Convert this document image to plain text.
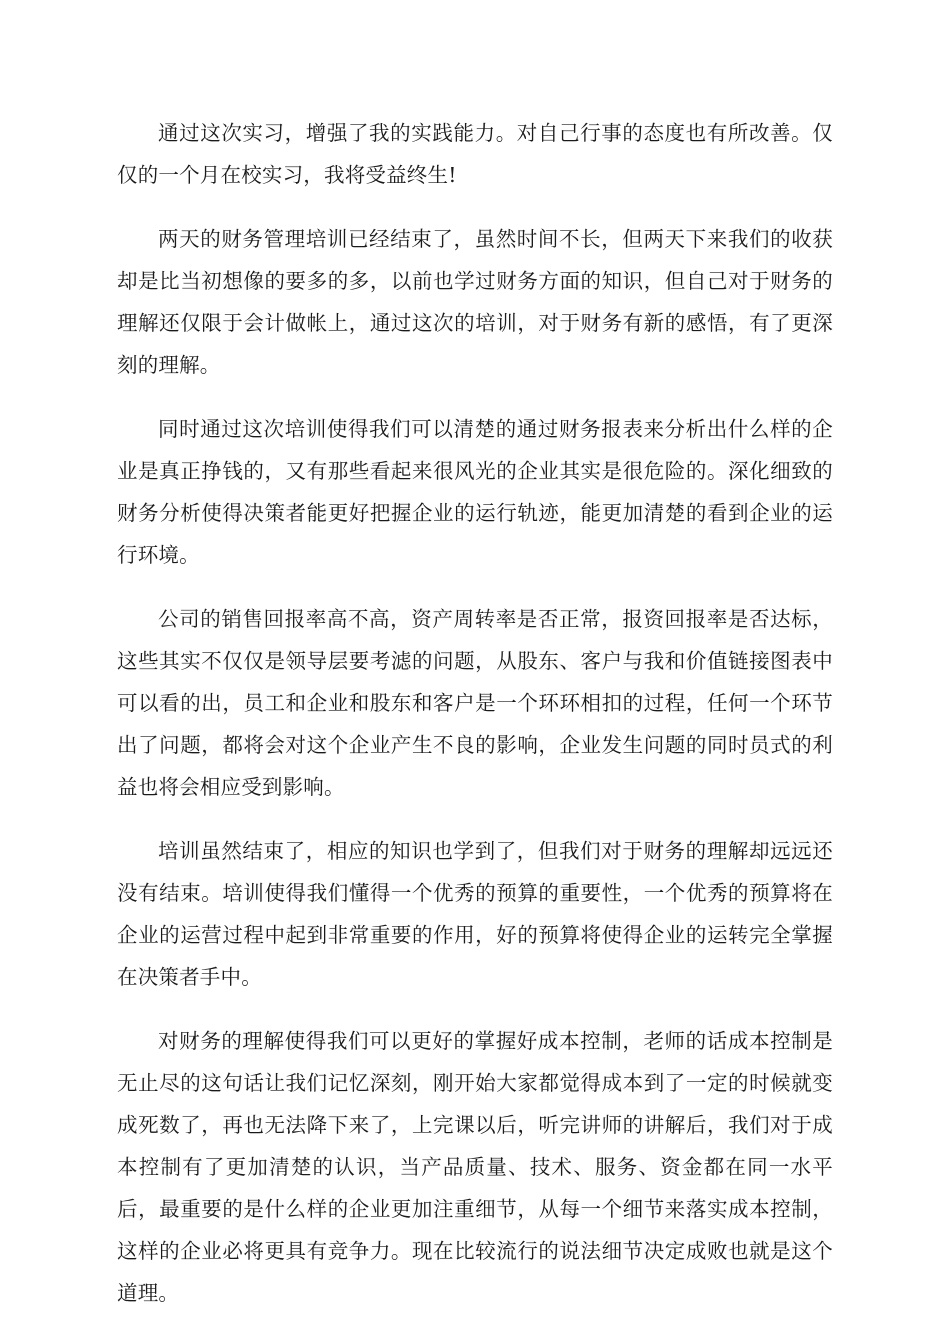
通过这次实习，增强了我的实践能力。对自己行事的态度也有所改善。仅仅的一个月在校实习，我将受益终生!

两天的财务管理培训已经结束了，虽然时间不长，但两天下来我们的收获却是比当初想像的要多的多，以前也学过财务方面的知识，但自己对于财务的理解还仅限于会计做帐上，通过这次的培训，对于财务有新的感悟，有了更深刻的理解。

同时通过这次培训使得我们可以清楚的通过财务报表来分析出什么样的企业是真正挣钱的，又有那些看起来很风光的企业其实是很危险的。深化细致的财务分析使得决策者能更好把握企业的运行轨迹，能更加清楚的看到企业的运行环境。

公司的销售回报率高不高，资产周转率是否正常，报资回报率是否达标，这些其实不仅仅是领导层要考滤的问题，从股东、客户与我和价值链接图表中可以看的出，员工和企业和股东和客户是一个环环相扣的过程，任何一个环节出了问题，都将会对这个企业产生不良的影响，企业发生问题的同时员式的利益也将会相应受到影响。

培训虽然结束了，相应的知识也学到了，但我们对于财务的理解却远远还没有结束。培训使得我们懂得一个优秀的预算的重要性，一个优秀的预算将在企业的运营过程中起到非常重要的作用，好的预算将使得企业的运转完全掌握在决策者手中。

对财务的理解使得我们可以更好的掌握好成本控制，老师的话成本控制是无止尽的这句话让我们记忆深刻，刚开始大家都觉得成本到了一定的时候就变成死数了，再也无法降下来了，上完课以后，听完讲师的讲解后，我们对于成本控制有了更加清楚的认识，当产品质量、技术、服务、资金都在同一水平后，最重要的是什么样的企业更加注重细节，从每一个细节来落实成本控制，这样的企业必将更具有竞争力。现在比较流行的说法细节决定成败也就是这个道理。
